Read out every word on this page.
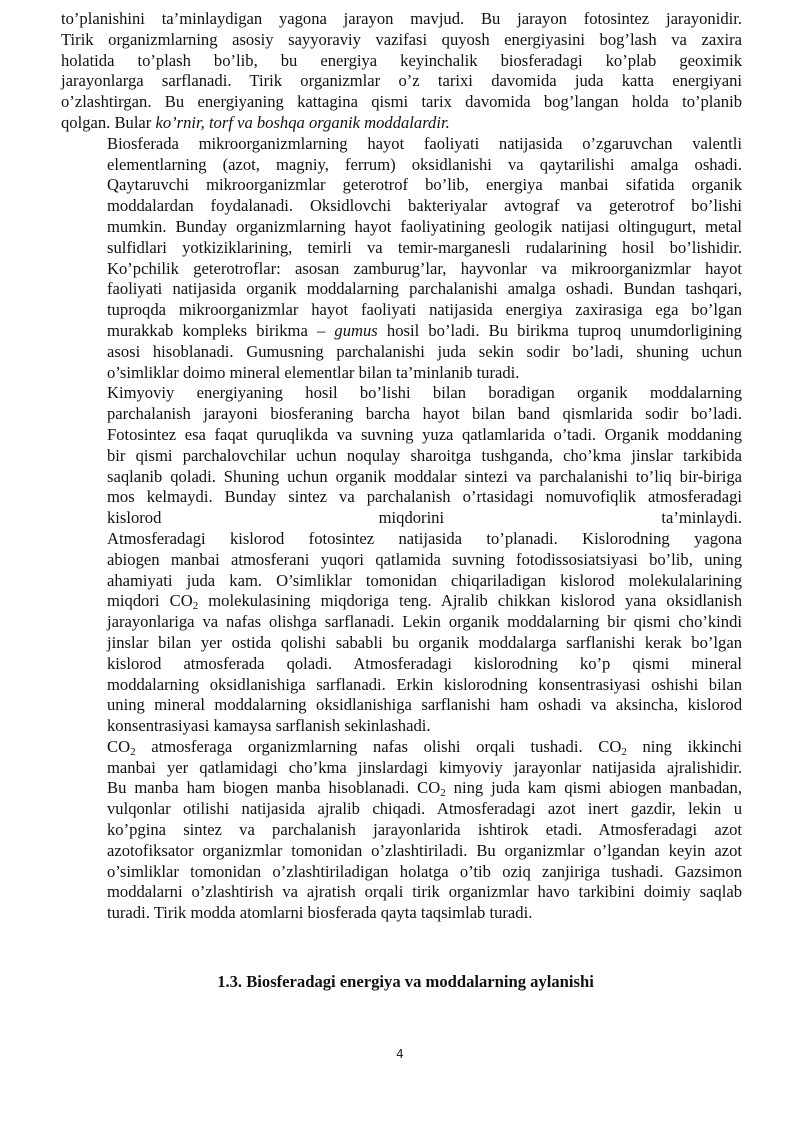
to’planishini ta’minlaydigan yagona jarayon mavjud. Bu jarayon fotosintez jarayonidir.
Tirik organizmlarning asosiy sayyoraviy vazifasi quyosh energiyasini bog’lash va zaxira
holatida to’plash bo’lib, bu energiya keyinchalik biosferadagi ko’plab geoximik
jarayonlarga sarflanadi. Tirik organizmlar o’z tarixi davomida juda katta energiyani
o’zlashtirgan. Bu energiyaning kattagina qismi tarix davomida bog’langan holda to’planib
qolgan. Bular ko’rnir, torf va boshqa organik moddalardir.
Biosferada mikroorganizmlarning hayot faoliyati natijasida o’zgaruvchan valentli
elementlarning (azot, magniy, ferrum) oksidlanishi va qaytarilishi amalga oshadi.
Qaytaruvchi mikroorganizmlar geterotrof bo’lib, energiya manbai sifatida organik
moddalardan foydalanadi. Oksidlovchi bakteriyalar avtograf va geterotrof bo’lishi
mumkin. Bunday organizmlarning hayot faoliyatining geologik natijasi oltingugurt, metal
sulfidlari yotkiziklarining, temirli va temir-marganesli rudalarining hosil bo’lishidir.
Ko’pchilik geterotroflar: asosan zamburug’lar, hayvonlar va mikroorganizmlar hayot
faoliyati natijasida organik moddalarning parchalanishi amalga oshadi. Bundan tashqari,
tuproqda mikroorganizmlar hayot faoliyati natijasida energiya zaxirasiga ega bo’lgan
murakkab kompleks birikma – gumus hosil bo’ladi. Bu birikma tuproq unumdorligining
asosi hisoblanadi. Gumusning parchalanishi juda sekin sodir bo’ladi, shuning uchun
o’simliklar doimo mineral elementlar bilan ta’minlanib turadi.
Kimyoviy energiyaning hosil bo’lishi bilan boradigan organik moddalarning
parchalanish jarayoni biosferaning barcha hayot bilan band qismlarida sodir bo’ladi.
Fotosintez esa faqat quruqlikda va suvning yuza qatlamlarida o’tadi. Organik moddaning
bir qismi parchalovchilar uchun noqulay sharoitga tushganda, cho’kma jinslar tarkibida
saqlanib qoladi. Shuning uchun organik moddalar sintezi va parchalanishi to’liq bir-biriga
mos kelmaydi. Bunday sintez va parchalanish o’rtasidagi nomuvofiqlik atmosferadagi
kislorod miqdorini ta’minlaydi.
Atmosferadagi kislorod fotosintez natijasida to’planadi. Kislorodning yagona
abiogen manbai atmosferani yuqori qatlamida suvning fotodissosiatsiyasi bo’lib, uning
ahamiyati juda kam. O’simliklar tomonidan chiqariladigan kislorod molekulalarining
miqdori $CO_2$ molekulasining miqdoriga teng. Ajralib chikkan kislorod yana oksidlanish
jarayonlariga va nafas olishga sarflanadi. Lekin organik moddalarning bir qismi cho’kindi
jinslar bilan yer ostida qolishi sababli bu organik moddalarga sarflanishi kerak bo’lgan
kislorod atmosferada qoladi. Atmosferadagi kislorodning ko’p qismi mineral
moddalarning oksidlanishiga sarflanadi. Erkin kislorodning konsentrasiyasi oshishi bilan
uning mineral moddalarning oksidlanishiga sarflanishi ham oshadi va aksincha, kislorod
konsentrasiyasi kamaysa sarflanish sekinlashadi.
$CO_2$ atmosferaga organizmlarning nafas olishi orqali tushadi. $CO_2$ ning ikkinchi
manbai yer qatlamidagi cho’kma jinslardagi kimyoviy jarayonlar natijasida ajralishidir.
Bu manba ham biogen manba hisoblanadi. $CO_2$ ning juda kam qismi abiogen manbadan,
vulqonlar otilishi natijasida ajralib chiqadi. Atmosferadagi azot inert gazdir, lekin u
ko’pgina sintez va parchalanish jarayonlarida ishtirok etadi. Atmosferadagi azot
azotofiksator organizmlar tomonidan o’zlashtiriladi. Bu organizmlar o’lgandan keyin azot
o’simliklar tomonidan o’zlashtiriladigan holatga o’tib oziq zanjiriga tushadi. Gazsimon
moddalarni o’zlashtirish va ajratish orqali tirik organizmlar havo tarkibini doimiy saqlab
turadi. Tirik modda atomlarni biosferada qayta taqsimlab turadi.
1.3. Biosferadagi energiya va moddalarning aylanishi
4
